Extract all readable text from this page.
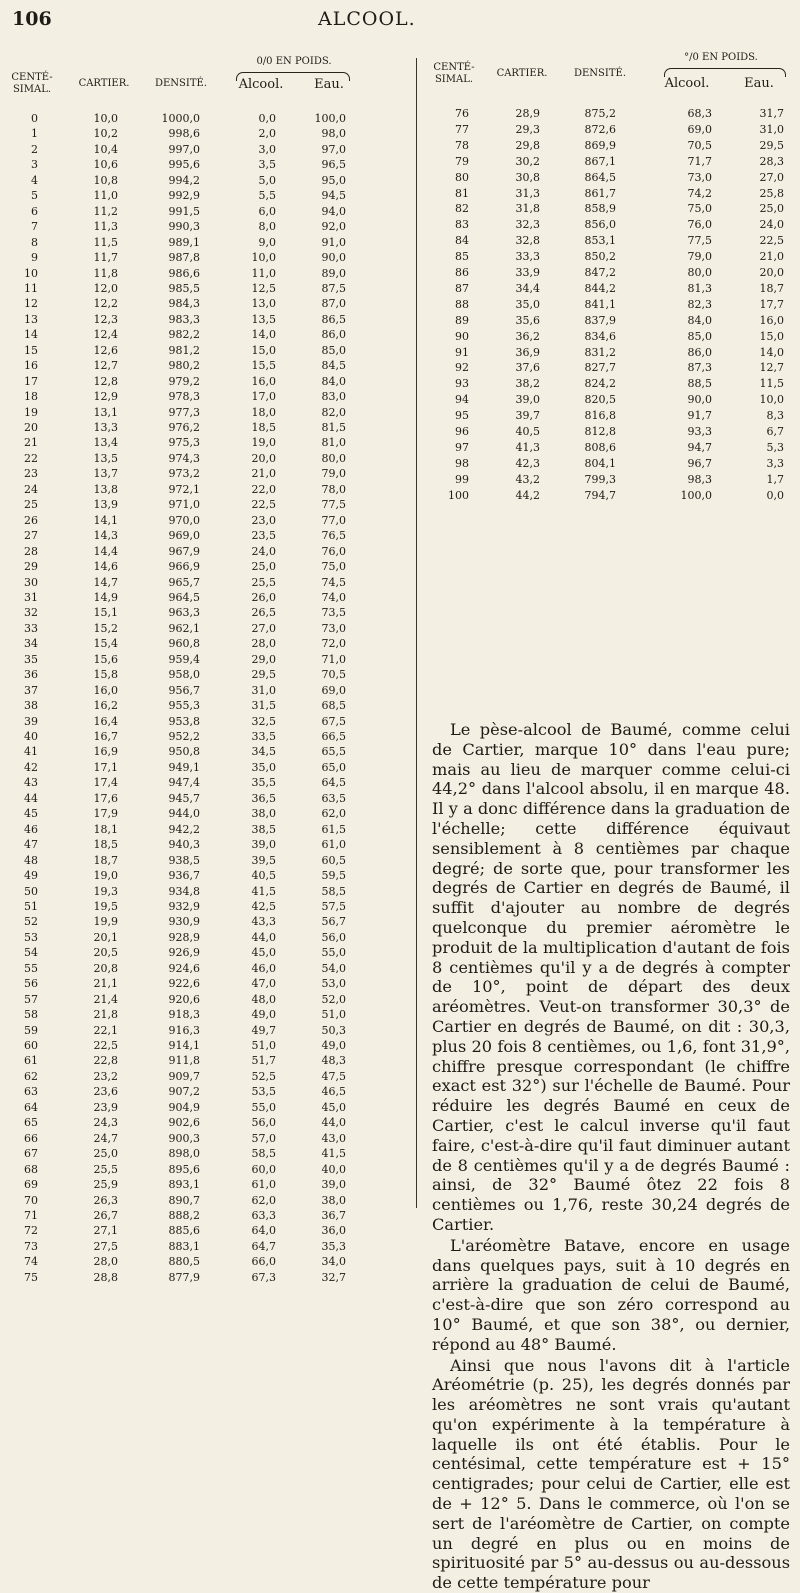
106	ALCOOL.
CENTÉ-
SIMAL.
CARTIER.	DENSITÉ.
0/0 EN POIDS.
Alcool.	Eau.
0	10,0	1000,0	0,0	100,0
1	10,2	998,6	2,0	98,0
2	10,4	997,0	3,0	97,0
3	10,6	995,6	3,5	96,5
4	10,8	994,2	5,0	95,0
5	11,0	992,9	5,5	94,5
6	11,2	991,5	6,0	94,0
7	11,3	990,3	8,0	92,0
8	11,5	989,1	9,0	91,0
9	11,7	987,8	10,0	90,0
10	11,8	986,6	11,0	89,0
11	12,0	985,5	12,5	87,5
12	12,2	984,3	13,0	87,0
13	12,3	983,3	13,5	86,5
14	12,4	982,2	14,0	86,0
15	12,6	981,2	15,0	85,0
16	12,7	980,2	15,5	84,5
17	12,8	979,2	16,0	84,0
18	12,9	978,3	17,0	83,0
19	13,1	977,3	18,0	82,0
20	13,3	976,2	18,5	81,5
21	13,4	975,3	19,0	81,0
22	13,5	974,3	20,0	80,0
23	13,7	973,2	21,0	79,0
24	13,8	972,1	22,0	78,0
25	13,9	971,0	22,5	77,5
26	14,1	970,0	23,0	77,0
27	14,3	969,0	23,5	76,5
28	14,4	967,9	24,0	76,0
29	14,6	966,9	25,0	75,0
30	14,7	965,7	25,5	74,5
31	14,9	964,5	26,0	74,0
32	15,1	963,3	26,5	73,5
33	15,2	962,1	27,0	73,0
34	15,4	960,8	28,0	72,0
35	15,6	959,4	29,0	71,0
36	15,8	958,0	29,5	70,5
37	16,0	956,7	31,0	69,0
38	16,2	955,3	31,5	68,5
39	16,4	953,8	32,5	67,5
40	16,7	952,2	33,5	66,5
41	16,9	950,8	34,5	65,5
42	17,1	949,1	35,0	65,0
43	17,4	947,4	35,5	64,5
44	17,6	945,7	36,5	63,5
45	17,9	944,0	38,0	62,0
46	18,1	942,2	38,5	61,5
47	18,5	940,3	39,0	61,0
48	18,7	938,5	39,5	60,5
49	19,0	936,7	40,5	59,5
50	19,3	934,8	41,5	58,5
51	19,5	932,9	42,5	57,5
52	19,9	930,9	43,3	56,7
53	20,1	928,9	44,0	56,0
54	20,5	926,9	45,0	55,0
55	20,8	924,6	46,0	54,0
56	21,1	922,6	47,0	53,0
57	21,4	920,6	48,0	52,0
58	21,8	918,3	49,0	51,0
59	22,1	916,3	49,7	50,3
60	22,5	914,1	51,0	49,0
61	22,8	911,8	51,7	48,3
62	23,2	909,7	52,5	47,5
63	23,6	907,2	53,5	46,5
64	23,9	904,9	55,0	45,0
65	24,3	902,6	56,0	44,0
66	24,7	900,3	57,0	43,0
67	25,0	898,0	58,5	41,5
68	25,5	895,6	60,0	40,0
69	25,9	893,1	61,0	39,0
70	26,3	890,7	62,0	38,0
71	26,7	888,2	63,3	36,7
72	27,1	885,6	64,0	36,0
73	27,5	883,1	64,7	35,3
74	28,0	880,5	66,0	34,0
75	28,8	877,9	67,3	32,7
CENTÉ-
SIMAL.
CARTIER.	DENSITÉ.
°/0 EN POIDS.
Alcool.	Eau.
76	28,9	875,2	68,3	31,7
77	29,3	872,6	69,0	31,0
78	29,8	869,9	70,5	29,5
79	30,2	867,1	71,7	28,3
80	30,8	864,5	73,0	27,0
81	31,3	861,7	74,2	25,8
82	31,8	858,9	75,0	25,0
83	32,3	856,0	76,0	24,0
84	32,8	853,1	77,5	22,5
85	33,3	850,2	79,0	21,0
86	33,9	847,2	80,0	20,0
87	34,4	844,2	81,3	18,7
88	35,0	841,1	82,3	17,7
89	35,6	837,9	84,0	16,0
90	36,2	834,6	85,0	15,0
91	36,9	831,2	86,0	14,0
92	37,6	827,7	87,3	12,7
93	38,2	824,2	88,5	11,5
94	39,0	820,5	90,0	10,0
95	39,7	816,8	91,7	8,3
96	40,5	812,8	93,3	6,7
97	41,3	808,6	94,7	5,3
98	42,3	804,1	96,7	3,3
99	43,2	799,3	98,3	1,7
100	44,2	794,7	100,0	0,0

Le pèse-alcool de Baumé, comme celui de Cartier, marque 10° dans l'eau pure; mais au lieu de marquer comme celui-ci 44,2° dans l'alcool absolu, il en marque 48. Il y a donc différence dans la graduation de l'échelle; cette différence équivaut sensiblement à 8 centièmes par chaque degré; de sorte que, pour transformer les degrés de Cartier en degrés de Baumé, il suffit d'ajouter au nombre de degrés quelconque du premier aéromètre le produit de la multiplication d'autant de fois 8 centièmes qu'il y a de degrés à compter de 10°, point de départ des deux aréomètres. Veut-on transformer 30,3° de Cartier en degrés de Baumé, on dit : 30,3, plus 20 fois 8 centièmes, ou 1,6, font 31,9°, chiffre presque correspondant (le chiffre exact est 32°) sur l'échelle de Baumé. Pour réduire les degrés Baumé en ceux de Cartier, c'est le calcul inverse qu'il faut faire, c'est-à-dire qu'il faut diminuer autant de 8 centièmes qu'il y a de degrés Baumé : ainsi, de 32° Baumé ôtez 22 fois 8 centièmes ou 1,76, reste 30,24 degrés de Cartier.

L'aréomètre Batave, encore en usage dans quelques pays, suit à 10 degrés en arrière la graduation de celui de Baumé, c'est-à-dire que son zéro correspond au 10° Baumé, et que son 38°, ou dernier, répond au 48° Baumé.

Ainsi que nous l'avons dit à l'article Aréométrie (p. 25), les degrés donnés par les aréomètres ne sont vrais qu'autant qu'on expérimente à la température à laquelle ils ont été établis. Pour le centésimal, cette température est + 15° centigrades; pour celui de Cartier, elle est de + 12° 5. Dans le commerce, où l'on se sert de l'aréomètre de Cartier, on compte un degré en plus ou en moins de spirituosité par 5° au-dessus ou au-dessous de cette température pour
